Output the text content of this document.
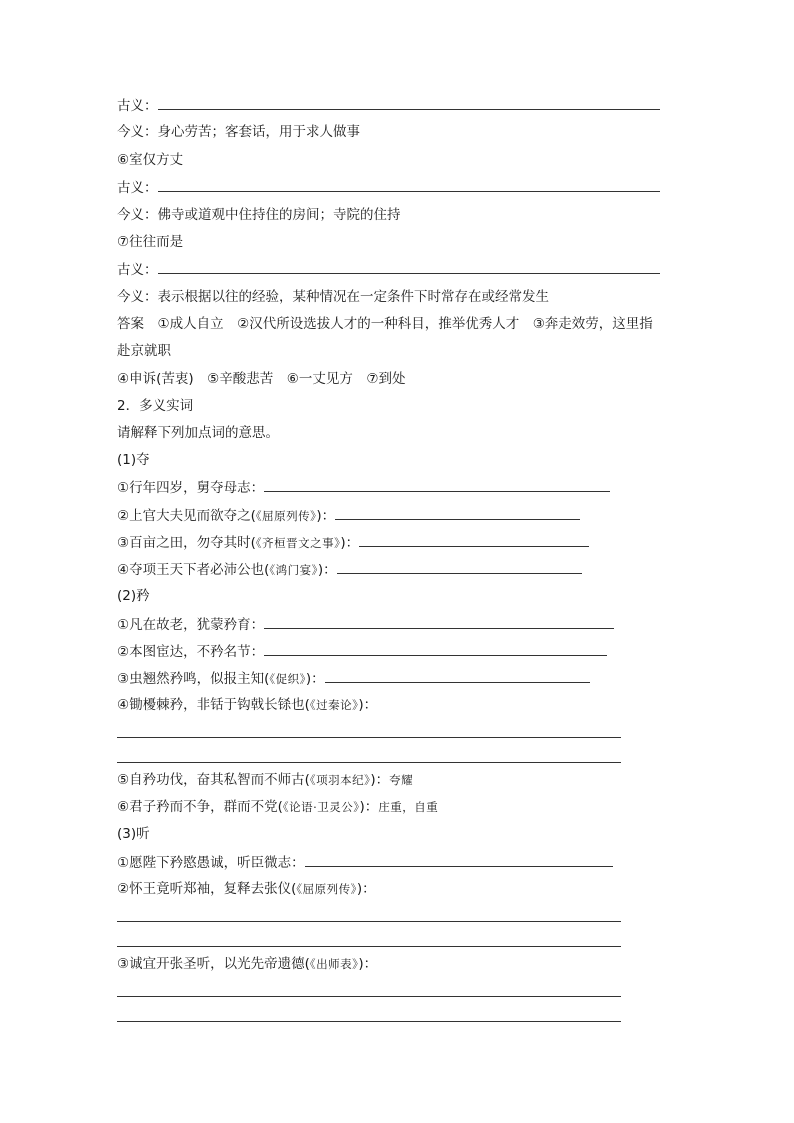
古义：
今义：身心劳苦；客套话，用于求人做事
⑥室仅方丈
古义：
今义：佛寺或道观中住持住的房间；寺院的住持
⑦往往而是
古义：
今义：表示根据以往的经验，某种情况在一定条件下时常存在或经常发生
答案　①成人自立　②汉代所设选拔人才的一种科目，推举优秀人才　③奔走效劳，这里指
赴京就职
④申诉(苦衷)　⑤辛酸悲苦　⑥一丈见方　⑦到处
2．多义实词
请解释下列加点词的意思。
(1)夺
①行年四岁，舅夺母志：
②上官大夫见而欲夺之(《屈原列传》)：
③百亩之田，勿夺其时(《齐桓晋文之事》)：
④夺项王天下者必沛公也(《鸿门宴》)：
(2)矜
①凡在故老，犹蒙矜育：
②本图宦达，不矜名节：
③虫翘然矜鸣，似报主知(《促织》)：
④锄櫌棘矜，非铦于钩戟长铩也(《过秦论》)：
⑤自矜功伐，奋其私智而不师古(《项羽本纪》)：夸耀
⑥君子矜而不争，群而不党(《论语·卫灵公》)：庄重，自重
(3)听
①愿陛下矜愍愚诚，听臣微志：
②怀王竟听郑袖，复释去张仪(《屈原列传》)：
③诚宜开张圣听，以光先帝遗德(《出师表》)：
